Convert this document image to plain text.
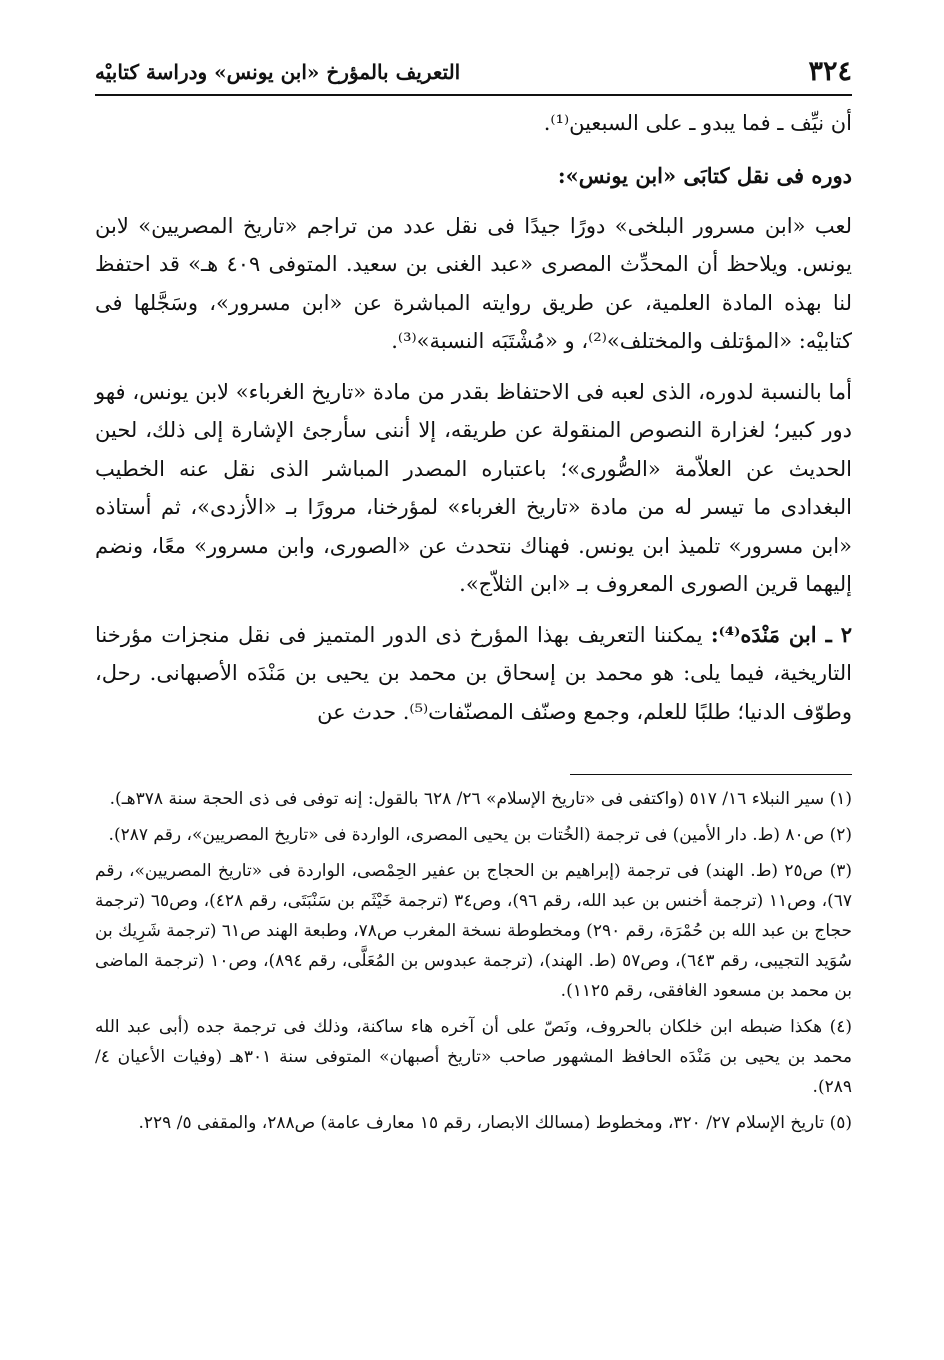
٣٢٤
التعريف بالمؤرخ «ابن يونس» ودراسة كتابيْه

أن نيِّف ـ فما يبدو ـ على السبعين⁽¹⁾.

دوره فى نقل كتابَى «ابن يونس»:

لعب «ابن مسرور البلخى» دورًا جيدًا فى نقل عدد من تراجم «تاريخ المصريين» لابن يونس. ويلاحظ أن المحدِّث المصرى «عبد الغنى بن سعيد. المتوفى ٤٠٩ هـ» قد احتفظ لنا بهذه المادة العلمية، عن طريق روايته المباشرة عن «ابن مسرور»، وسَجَّلها فى كتابيْه: «المؤتلف والمختلف»⁽²⁾، و «مُشْتَبَه النسبة»⁽³⁾.

أما بالنسبة لدوره، الذى لعبه فى الاحتفاظ بقدر من مادة «تاريخ الغرباء» لابن يونس، فهو دور كبير؛ لغزارة النصوص المنقولة عن طريقه، إلا أننى سأرجئ الإشارة إلى ذلك، لحين الحديث عن العلاّمة «الصُّورى»؛ باعتباره المصدر المباشر الذى نقل عنه الخطيب البغدادى ما تيسر له من مادة «تاريخ الغرباء» لمؤرخنا، مرورًا بـ «الأزدى»، ثم أستاذه «ابن مسرور» تلميذ ابن يونس. فهناك نتحدث عن «الصورى، وابن مسرور» معًا، ونضم إليهما قرين الصورى المعروف بـ «ابن الثلاّج».

٢ ـ ابن مَنْدَه⁽⁴⁾: يمكننا التعريف بهذا المؤرخ ذى الدور المتميز فى نقل منجزات مؤرخنا التاريخية، فيما يلى: هو محمد بن إسحاق بن محمد بن يحيى بن مَنْدَه الأصبهانى. رحل، وطوّف الدنيا؛ طلبًا للعلم، وجمع وصنّف المصنّفات⁽⁵⁾. حدث عن

(١) سير النبلاء ١٦/ ٥١٧ (واكتفى فى «تاريخ الإسلام» ٢٦/ ٦٢٨ بالقول: إنه توفى فى ذى الحجة سنة ٣٧٨هـ).

(٢) ص٨٠ (ط. دار الأمين) فى ترجمة (الخُتات بن يحيى المصرى، الواردة فى «تاريخ المصريين»، رقم ٢٨٧).

(٣) ص٢٥ (ط. الهند) فى ترجمة (إبراهيم بن الحجاج بن عفير الحِمْصى، الواردة فى «تاريخ المصريين»، رقم ٦٧)، وص١١ (ترجمة أخنس بن عبد الله، رقم ٩٦)، وص٣٤ (ترجمة خَيْثَم بن سَنْبَتَى، رقم ٤٢٨)، وص٦٥ (ترجمة حجاج بن عبد الله بن حُمْرَة، رقم ٢٩٠) ومخطوطة نسخة المغرب ص٧٨، وطبعة الهند ص٦١ (ترجمة شَرِيك بن سُوَيد التجيبى، رقم ٦٤٣)، وص٥٧ (ط. الهند)، (ترجمة عبدوس بن المُعَلَّى، رقم ٨٩٤)، وص١٠ (ترجمة الماضى بن محمد بن مسعود الغافقى، رقم ١١٢٥).

(٤) هكذا ضبطه ابن خلكان بالحروف، ونَصّ على أن آخره هاء ساكنة، وذلك فى ترجمة جده (أبى عبد الله محمد بن يحيى بن مَنْدَه الحافظ المشهور صاحب «تاريخ أصبهان» المتوفى سنة ٣٠١هـ (وفيات الأعيان ٤/ ٢٨٩).

(٥) تاريخ الإسلام ٢٧/ ٣٢٠، ومخطوط (مسالك الابصار، رقم ١٥ معارف عامة) ص٢٨٨، والمقفى ٥/ ٢٢٩.
